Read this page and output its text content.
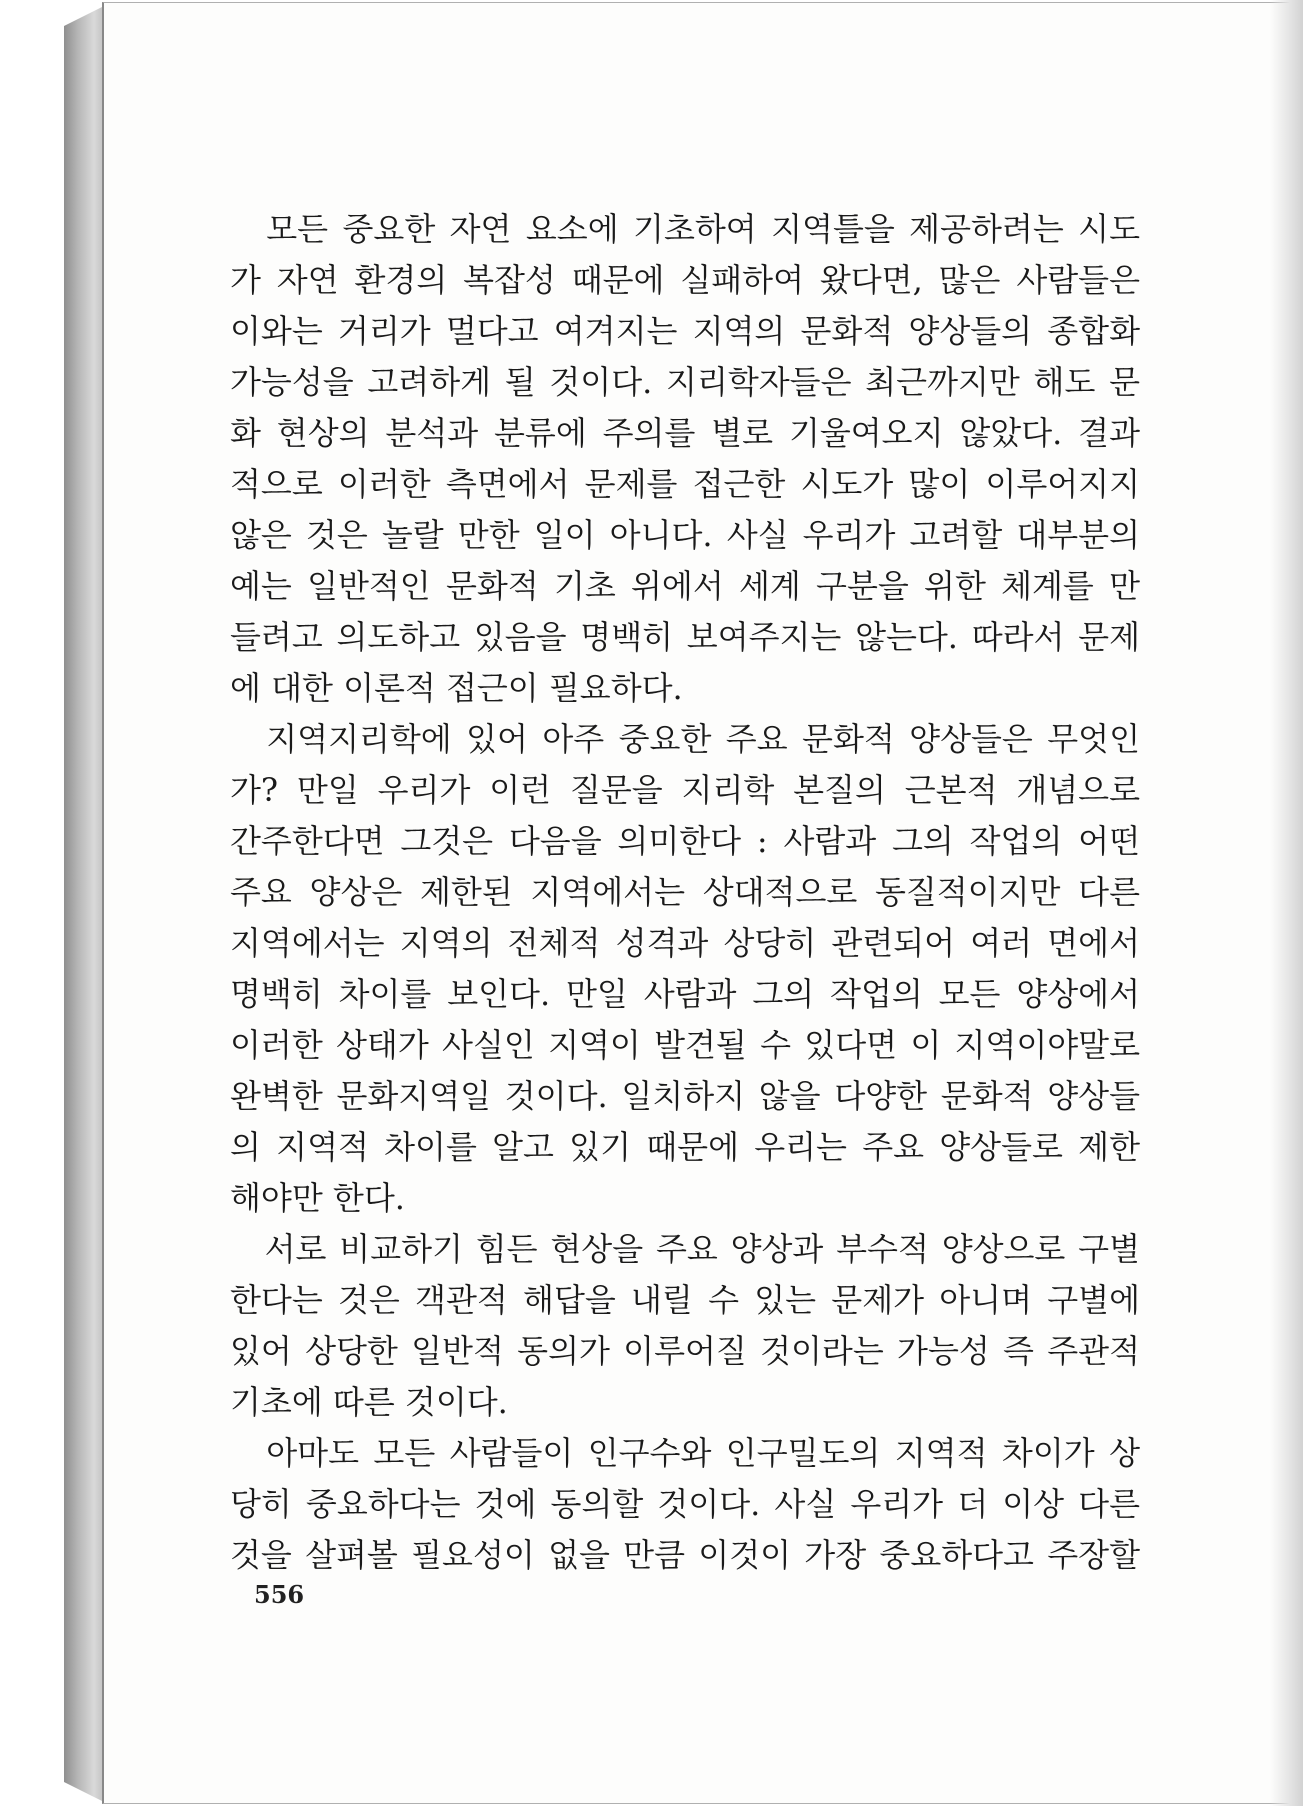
　모든 중요한 자연 요소에 기초하여 지역틀을 제공하려는 시도
가 자연 환경의 복잡성 때문에 실패하여 왔다면, 많은 사람들은
이와는 거리가 멀다고 여겨지는 지역의 문화적 양상들의 종합화
가능성을 고려하게 될 것이다. 지리학자들은 최근까지만 해도 문
화 현상의 분석과 분류에 주의를 별로 기울여오지 않았다. 결과
적으로 이러한 측면에서 문제를 접근한 시도가 많이 이루어지지
않은 것은 놀랄 만한 일이 아니다. 사실 우리가 고려할 대부분의
예는 일반적인 문화적 기초 위에서 세계 구분을 위한 체계를 만
들려고 의도하고 있음을 명백히 보여주지는 않는다. 따라서 문제
에 대한 이론적 접근이 필요하다.
　지역지리학에 있어 아주 중요한 주요 문화적 양상들은 무엇인
가? 만일 우리가 이런 질문을 지리학 본질의 근본적 개념으로
간주한다면 그것은 다음을 의미한다 : 사람과 그의 작업의 어떤
주요 양상은 제한된 지역에서는 상대적으로 동질적이지만 다른
지역에서는 지역의 전체적 성격과 상당히 관련되어 여러 면에서
명백히 차이를 보인다. 만일 사람과 그의 작업의 모든 양상에서
이러한 상태가 사실인 지역이 발견될 수 있다면 이 지역이야말로
완벽한 문화지역일 것이다. 일치하지 않을 다양한 문화적 양상들
의 지역적 차이를 알고 있기 때문에 우리는 주요 양상들로 제한
해야만 한다.
　서로 비교하기 힘든 현상을 주요 양상과 부수적 양상으로 구별
한다는 것은 객관적 해답을 내릴 수 있는 문제가 아니며 구별에
있어 상당한 일반적 동의가 이루어질 것이라는 가능성 즉 주관적
기초에 따른 것이다.
　아마도 모든 사람들이 인구수와 인구밀도의 지역적 차이가 상
당히 중요하다는 것에 동의할 것이다. 사실 우리가 더 이상 다른
것을 살펴볼 필요성이 없을 만큼 이것이 가장 중요하다고 주장할
556
